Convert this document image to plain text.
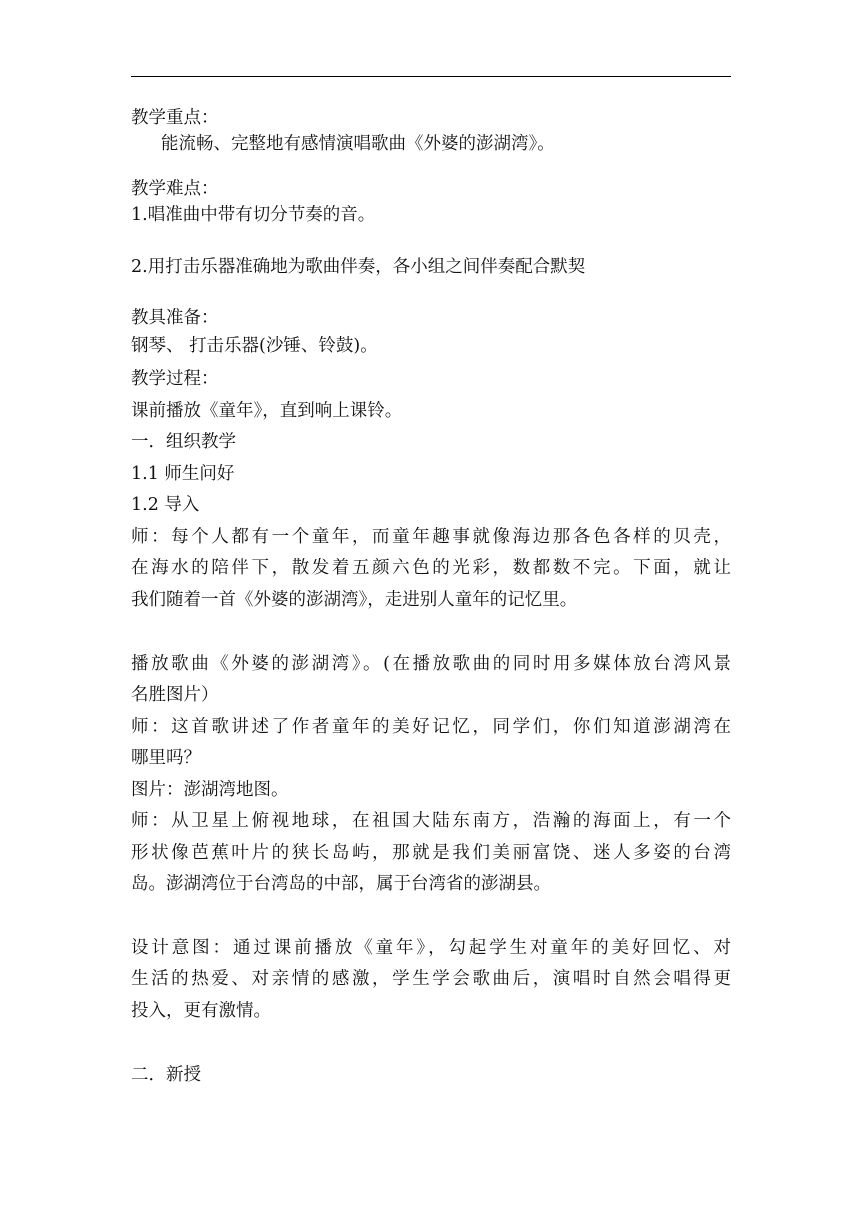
教学重点：
能流畅、完整地有感情演唱歌曲《外婆的澎湖湾》。
教学难点：
1.唱准曲中带有切分节奏的音。
2.用打击乐器准确地为歌曲伴奏，各小组之间伴奏配合默契
教具准备：
钢琴、 打击乐器(沙锤、铃鼓)。
教学过程：
课前播放《童年》，直到响上课铃。
一．组织教学
1.1 师生问好
1.2 导入
师：每个人都有一个童年，而童年趣事就像海边那各色各样的贝壳，
在海水的陪伴下，散发着五颜六色的光彩，数都数不完。下面，就让
我们随着一首《外婆的澎湖湾》，走进别人童年的记忆里。
播放歌曲《外婆的澎湖湾》。(在播放歌曲的同时用多媒体放台湾风景
名胜图片）
师：这首歌讲述了作者童年的美好记忆，同学们，你们知道澎湖湾在
哪里吗？
图片：澎湖湾地图。
师：从卫星上俯视地球，在祖国大陆东南方，浩瀚的海面上，有一个
形状像芭蕉叶片的狭长岛屿，那就是我们美丽富饶、迷人多姿的台湾
岛。澎湖湾位于台湾岛的中部，属于台湾省的澎湖县。
设计意图：通过课前播放《童年》，勾起学生对童年的美好回忆、对
生活的热爱、对亲情的感激，学生学会歌曲后，演唱时自然会唱得更
投入，更有激情。
二．新授
